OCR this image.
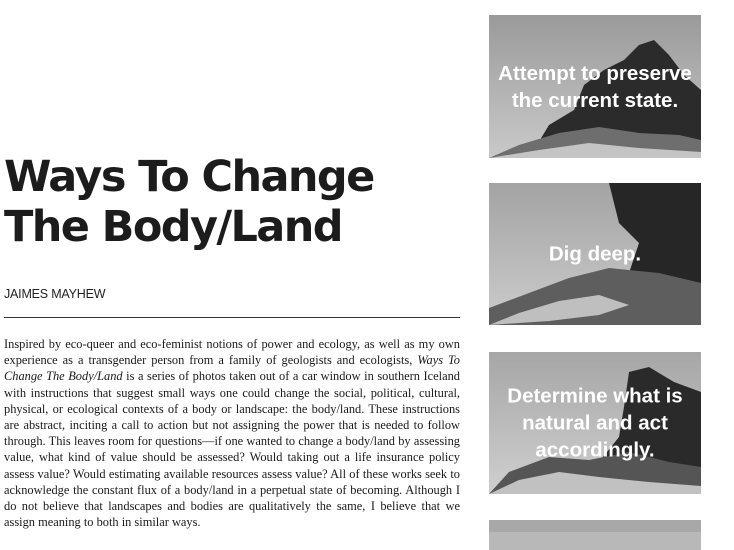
Ways To Change
The Body/Land
JAIMES MAYHEW

Inspired by eco-queer and eco-feminist notions of power and ecology, as well as my own experience as a transgender person from a family of geologists and ecologists, Ways To Change The Body/Land is a series of photos taken out of a car window in southern Iceland with instructions that suggest small ways one could change the social, political, cultural, physical, or ecological contexts of a body or landscape: the body/land. These instructions are abstract, inciting a call to action but not assigning the power that is needed to follow through. This leaves room for questions—if one wanted to change a body/land by assessing value, what kind of value should be assessed? Would taking out a life insurance policy assess value? Would estimating available resources assess value? All of these works seek to acknowledge the constant flux of a body/land in a perpetual state of becoming. Although I do not believe that landscapes and bodies are qualitatively the same, I believe that we assign meaning to both in similar ways.

Attempt to preserve the current state.
Dig deep.
Determine what is natural and act accordingly.
